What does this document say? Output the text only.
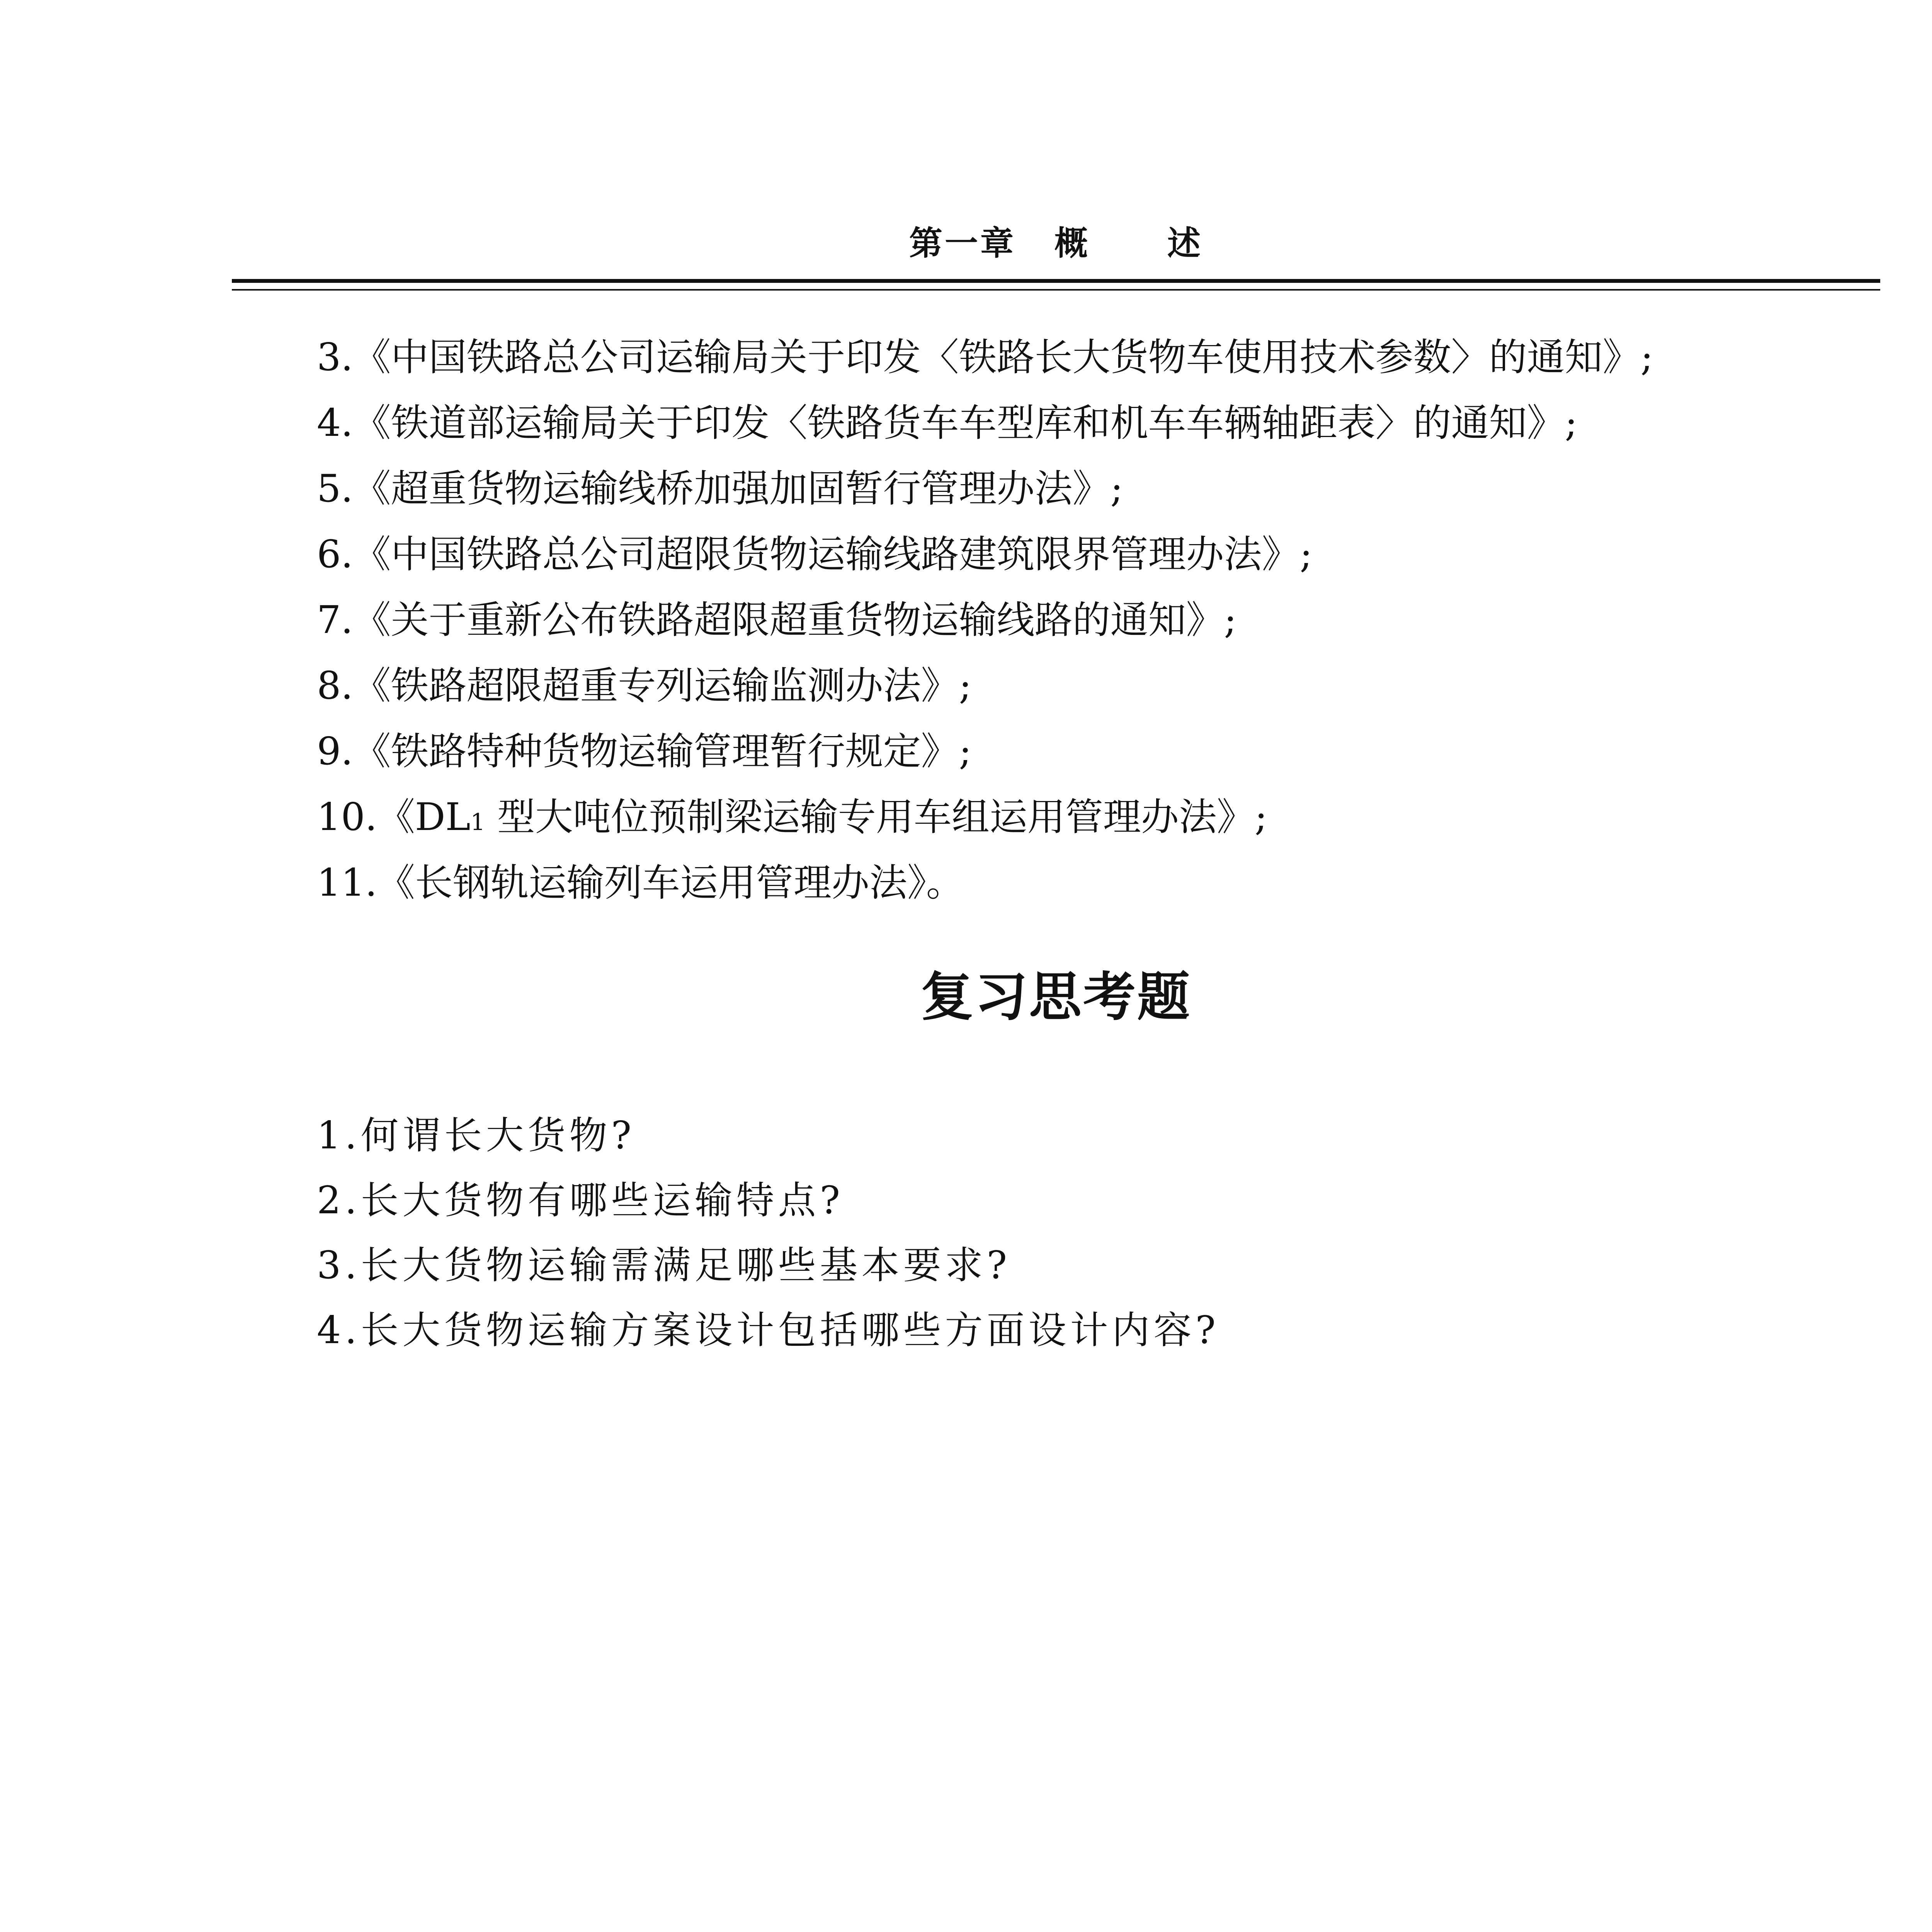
第一章 概 述
3.《中国铁路总公司运输局关于印发〈铁路长大货物车使用技术参数〉的通知》;
4.《铁道部运输局关于印发〈铁路货车车型库和机车车辆轴距表〉的通知》;
5.《超重货物运输线桥加强加固暂行管理办法》;
6.《中国铁路总公司超限货物运输线路建筑限界管理办法》;
7.《关于重新公布铁路超限超重货物运输线路的通知》;
8.《铁路超限超重专列运输监测办法》;
9.《铁路特种货物运输管理暂行规定》;
10.《DL1 型大吨位预制梁运输专用车组运用管理办法》;
11.《长钢轨运输列车运用管理办法》。
复习思考题
1.何谓长大货物?
2.长大货物有哪些运输特点?
3.长大货物运输需满足哪些基本要求?
4.长大货物运输方案设计包括哪些方面设计内容?
